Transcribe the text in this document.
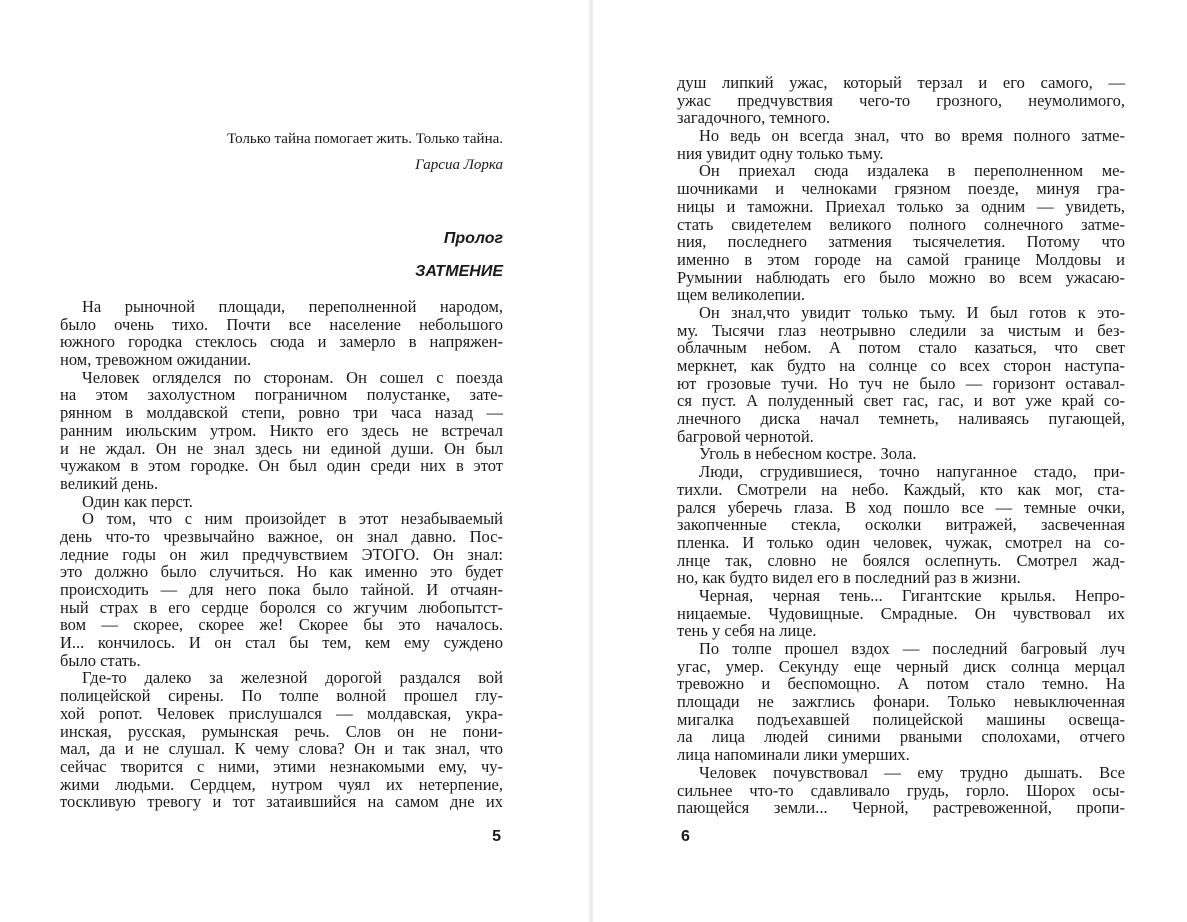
Только тайна помогает жить. Только тайна.
Гарсиа Лорка
Пролог
ЗАТМЕНИЕ
На рыночной площади, переполненной народом,
было очень тихо. Почти все население небольшого
южного городка стеклось сюда и замерло в напряжен-
ном, тревожном ожидании.
Человек огляделся по сторонам. Он сошел с поезда
на этом захолустном пограничном полустанке, зате-
рянном в молдавской степи, ровно три часа назад —
ранним июльским утром. Никто его здесь не встречал
и не ждал. Он не знал здесь ни единой души. Он был
чужаком в этом городке. Он был один среди них в этот
великий день.
Один как перст.
О том, что с ним произойдет в этот незабываемый
день что-то чрезвычайно важное, он знал давно. Пос-
ледние годы он жил предчувствием ЭТОГО. Он знал:
это должно было случиться. Но как именно это будет
происходить — для него пока было тайной. И отчаян-
ный страх в его сердце боролся со жгучим любопытст-
вом — скорее, скорее же! Скорее бы это началось.
И... кончилось. И он стал бы тем, кем ему суждено
было стать.
Где-то далеко за железной дорогой раздался вой
полицейской сирены. По толпе волной прошел глу-
хой ропот. Человек прислушался — молдавская, укра-
инская, русская, румынская речь. Слов он не пони-
мал, да и не слушал. К чему слова? Он и так знал, что
сейчас творится с ними, этими незнакомыми ему, чу-
жими людьми. Сердцем, нутром чуял их нетерпение,
тоскливую тревогу и тот затаившийся на самом дне их
5
душ липкий ужас, который терзал и его самого, —
ужас предчувствия чего-то грозного, неумолимого,
загадочного, темного.
Но ведь он всегда знал, что во время полного затме-
ния увидит одну только тьму.
Он приехал сюда издалека в переполненном ме-
шочниками и челноками грязном поезде, минуя гра-
ницы и таможни. Приехал только за одним — увидеть,
стать свидетелем великого полного солнечного затме-
ния, последнего затмения тысячелетия. Потому что
именно в этом городе на самой границе Молдовы и
Румынии наблюдать его было можно во всем ужасаю-
щем великолепии.
Он знал,что увидит только тьму. И был готов к это-
му. Тысячи глаз неотрывно следили за чистым и без-
облачным небом. А потом стало казаться, что свет
меркнет, как будто на солнце со всех сторон наступа-
ют грозовые тучи. Но туч не было — горизонт оставал-
ся пуст. А полуденный свет гас, гас, и вот уже край со-
лнечного диска начал темнеть, наливаясь пугающей,
багровой чернотой.
Уголь в небесном костре. Зола.
Люди, сгрудившиеся, точно напуганное стадо, при-
тихли. Смотрели на небо. Каждый, кто как мог, ста-
рался уберечь глаза. В ход пошло все — темные очки,
закопченные стекла, осколки витражей, засвеченная
пленка. И только один человек, чужак, смотрел на со-
лнце так, словно не боялся ослепнуть. Смотрел жад-
но, как будто видел его в последний раз в жизни.
Черная, черная тень... Гигантские крылья. Непро-
ницаемые. Чудовищные. Смрадные. Он чувствовал их
тень у себя на лице.
По толпе прошел вздох — последний багровый луч
угас, умер. Секунду еще черный диск солнца мерцал
тревожно и беспомощно. А потом стало темно. На
площади не зажглись фонари. Только невыключенная
мигалка подъехавшей полицейской машины освеща-
ла лица людей синими рваными сполохами, отчего
лица напоминали лики умерших.
Человек почувствовал — ему трудно дышать. Все
сильнее что-то сдавливало грудь, горло. Шорох осы-
пающейся земли... Черной, растревоженной, пропи-
6
